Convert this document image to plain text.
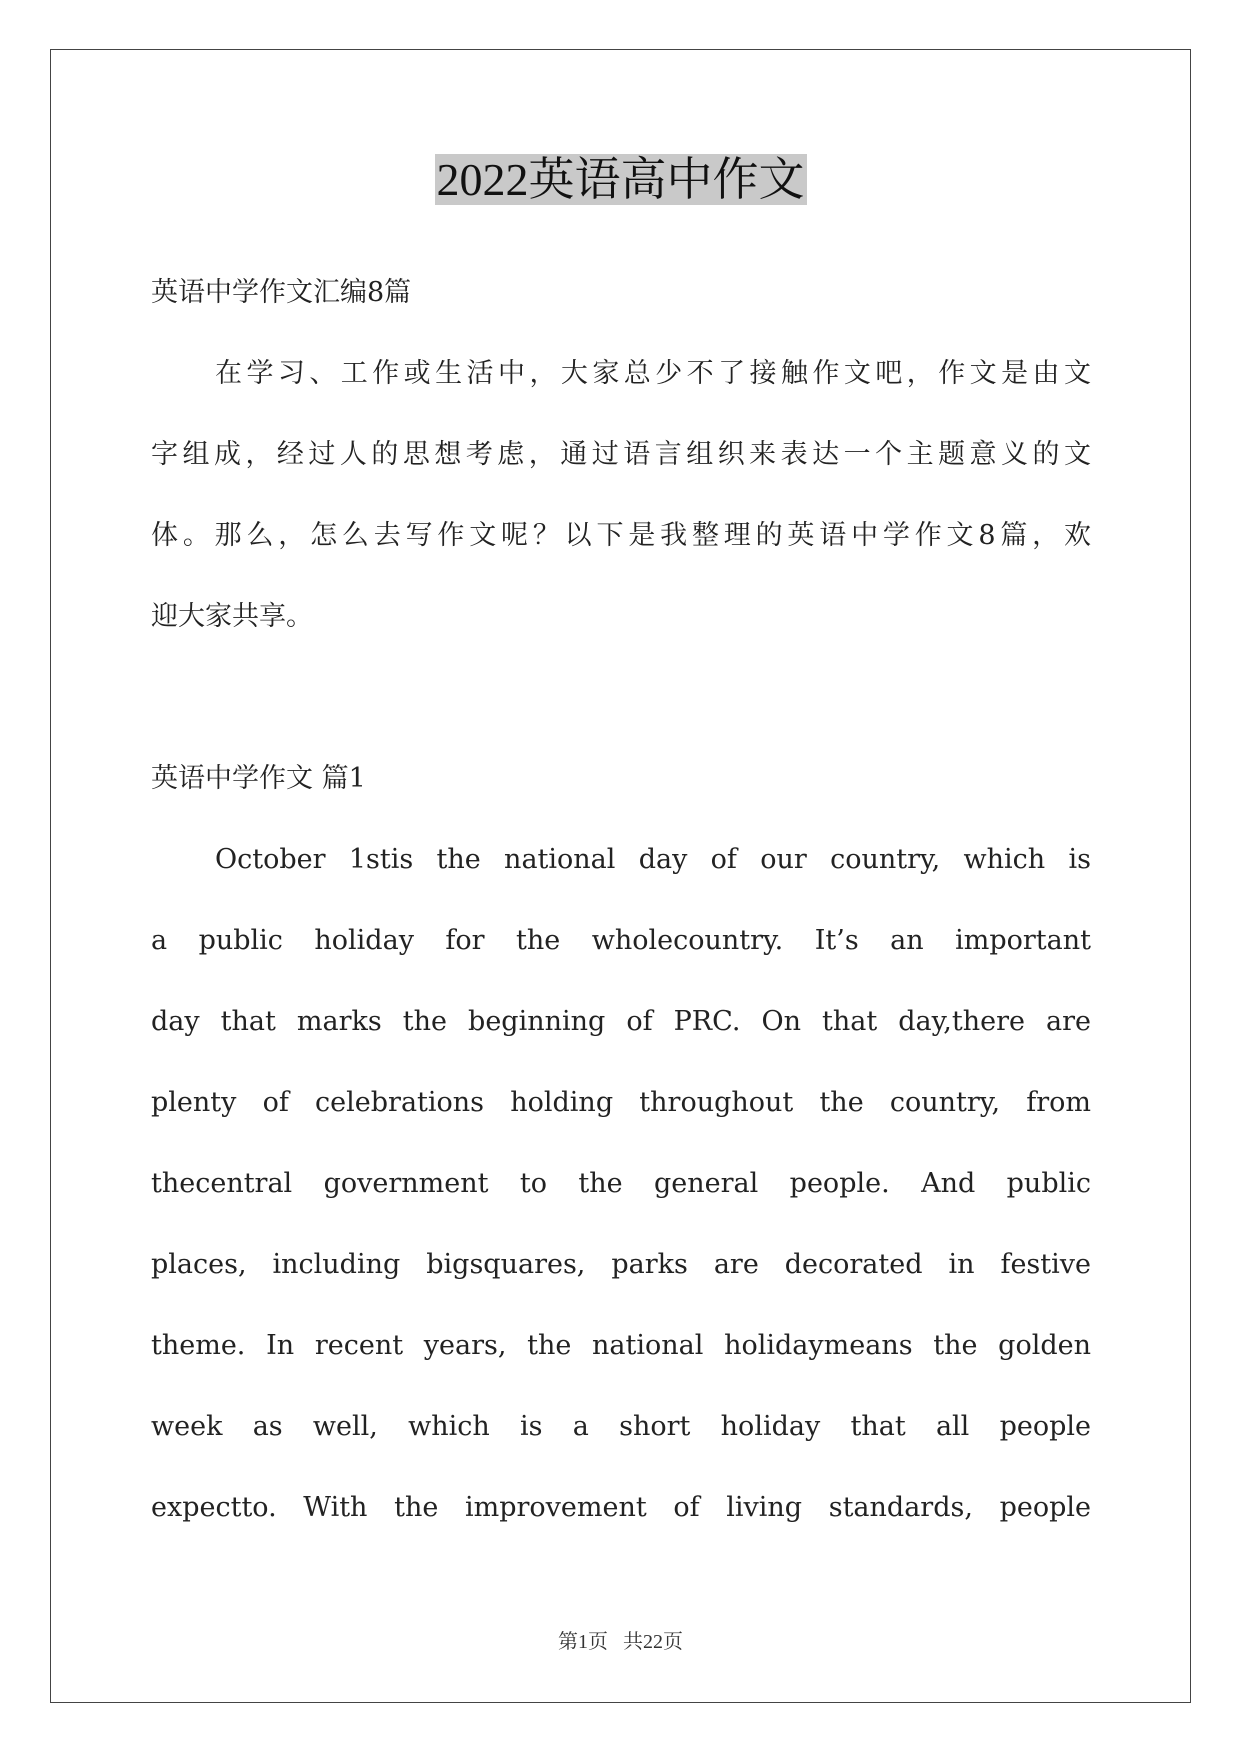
2022英语高中作文
英语中学作文汇编8篇
在学习、工作或生活中，大家总少不了接触作文吧，作文是由文
字组成，经过人的思想考虑，通过语言组织来表达一个主题意义的文
体。那么，怎么去写作文呢？以下是我整理的英语中学作文8篇，欢
迎大家共享。
英语中学作文 篇1
October 1stis the national day of our country, which is
a public holiday for the wholecountry. It’s an important
day that marks the beginning of PRC. On that day,there are
plenty of celebrations holding throughout the country, from
thecentral government to the general people. And public
places, including bigsquares, parks are decorated in festive
theme. In recent years, the national holidaymeans the golden
week as well, which is a short holiday that all people
expectto. With the improvement of living standards, people
第1页   共22页
